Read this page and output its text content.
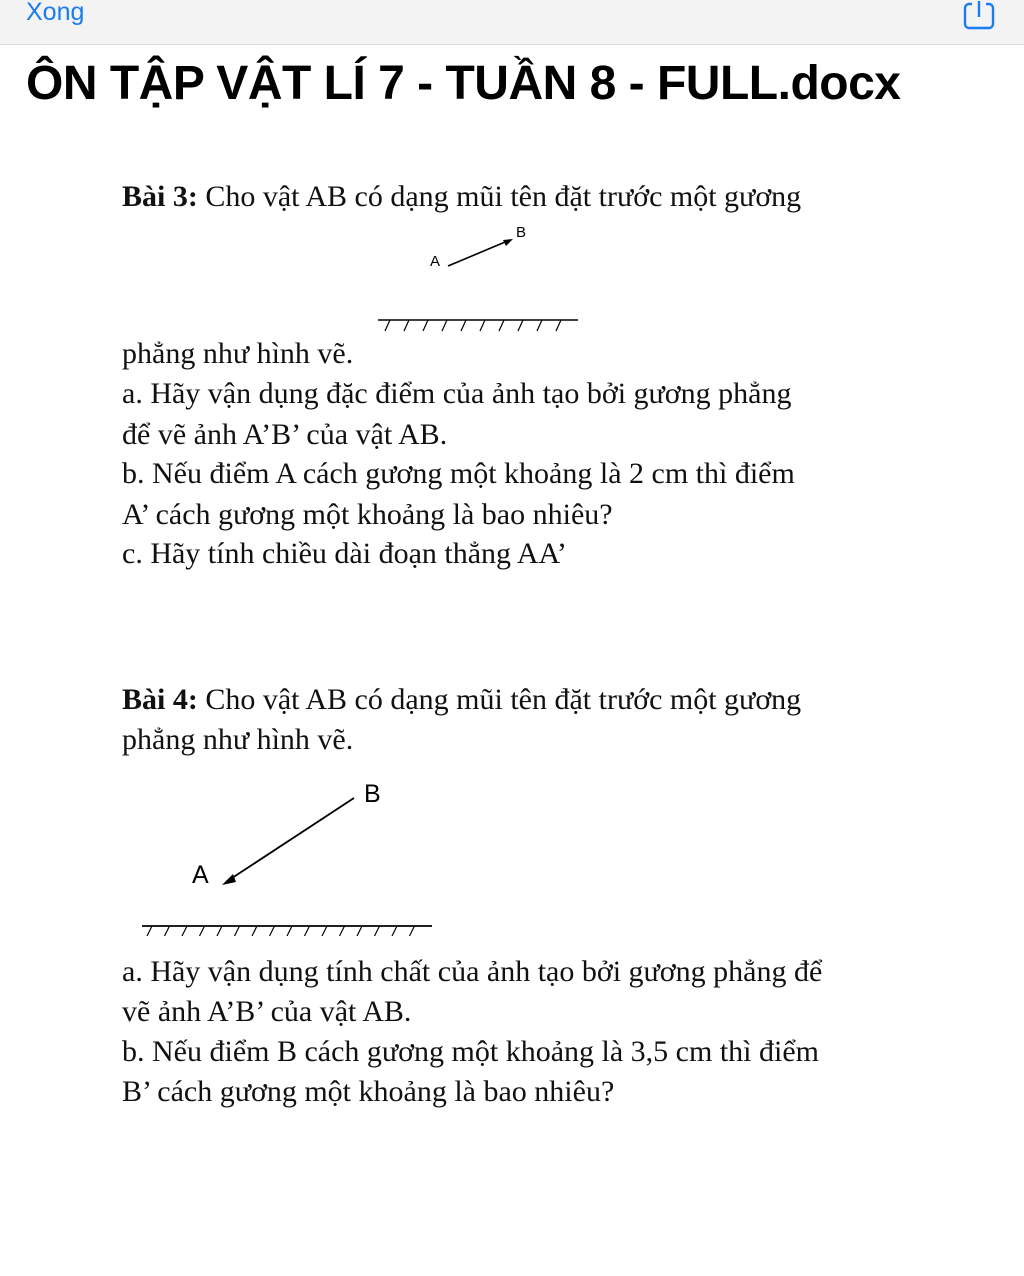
Xong
ÔN TẬP VẬT LÍ 7 - TUẦN 8 - FULL.docx
Bài 3: Cho vật AB có dạng mũi tên đặt trước một gương
A
B
phẳng như hình vẽ.
a. Hãy vận dụng đặc điểm của ảnh tạo bởi gương phẳng
để vẽ ảnh A’B’ của vật AB.
b. Nếu điểm A cách gương một khoảng là 2 cm thì điểm
A’ cách gương một khoảng là bao nhiêu?
c. Hãy tính chiều dài đoạn thẳng AA’
Bài 4: Cho vật AB có dạng mũi tên đặt trước một gương
phẳng như hình vẽ.
A
B
a. Hãy vận dụng tính chất của ảnh tạo bởi gương phẳng để
vẽ ảnh A’B’ của vật AB.
b. Nếu điểm B cách gương một khoảng là 3,5 cm thì điểm
B’ cách gương một khoảng là bao nhiêu?
